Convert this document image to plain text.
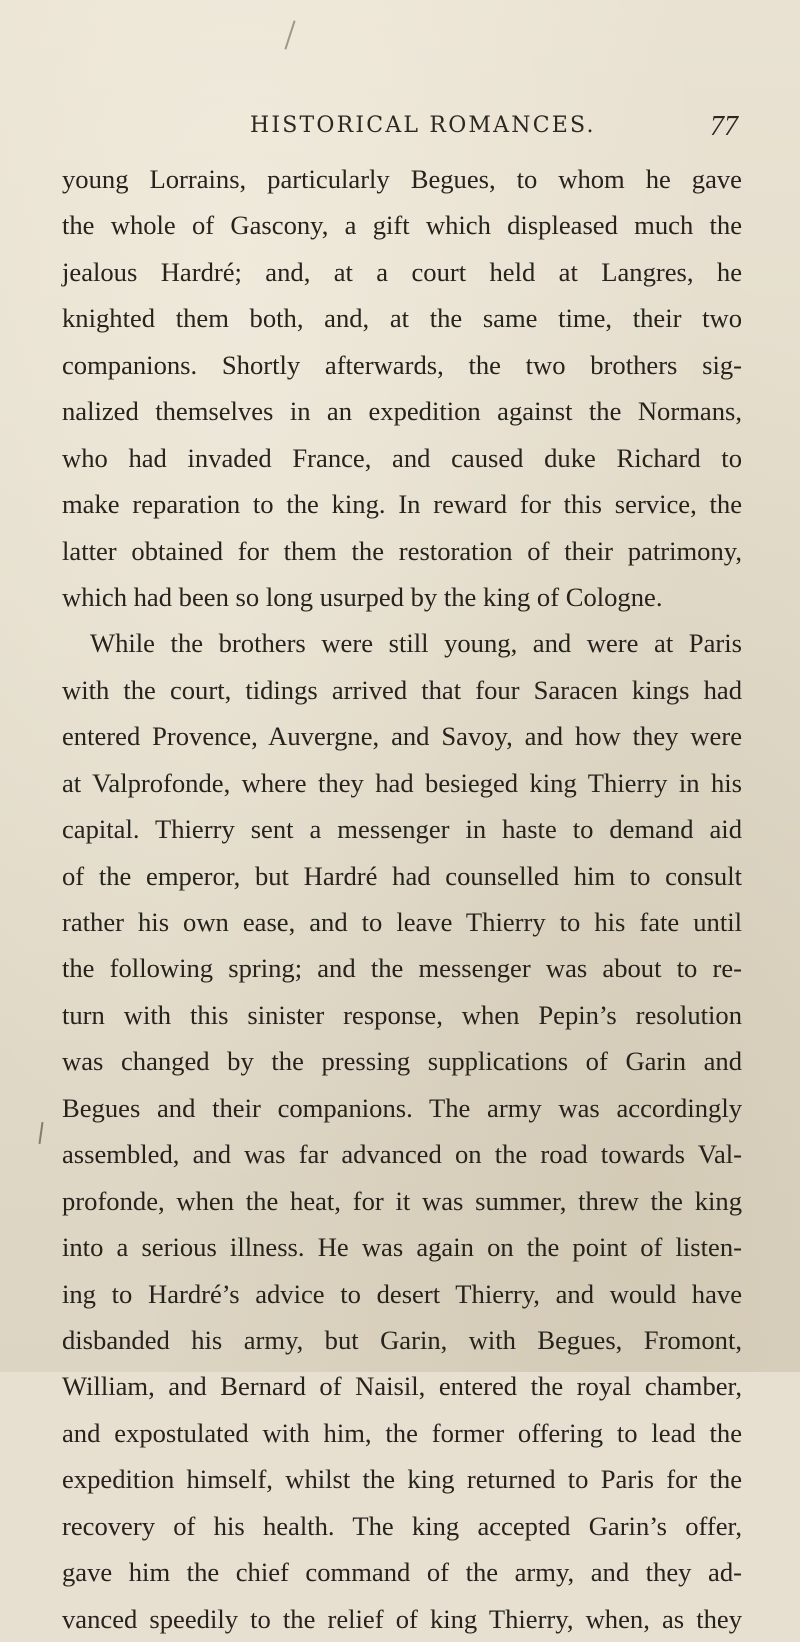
HISTORICAL ROMANCES.	77
young Lorrains, particularly Begues, to whom he gave
the whole of Gascony, a gift which displeased much the
jealous Hardré; and, at a court held at Langres, he
knighted them both, and, at the same time, their two
companions. Shortly afterwards, the two brothers sig-
nalized themselves in an expedition against the Normans,
who had invaded France, and caused duke Richard to
make reparation to the king. In reward for this service, the
latter obtained for them the restoration of their patrimony,
which had been so long usurped by the king of Cologne.
While the brothers were still young, and were at Paris
with the court, tidings arrived that four Saracen kings had
entered Provence, Auvergne, and Savoy, and how they were
at Valprofonde, where they had besieged king Thierry in his
capital. Thierry sent a messenger in haste to demand aid
of the emperor, but Hardré had counselled him to consult
rather his own ease, and to leave Thierry to his fate until
the following spring; and the messenger was about to re-
turn with this sinister response, when Pepin’s resolution
was changed by the pressing supplications of Garin and
Begues and their companions. The army was accordingly
assembled, and was far advanced on the road towards Val-
profonde, when the heat, for it was summer, threw the king
into a serious illness. He was again on the point of listen-
ing to Hardré’s advice to desert Thierry, and would have
disbanded his army, but Garin, with Begues, Fromont,
William, and Bernard of Naisil, entered the royal chamber,
and expostulated with him, the former offering to lead the
expedition himself, whilst the king returned to Paris for the
recovery of his health. The king accepted Garin’s offer,
gave him the chief command of the army, and they ad-
vanced speedily to the relief of king Thierry, when, as they
